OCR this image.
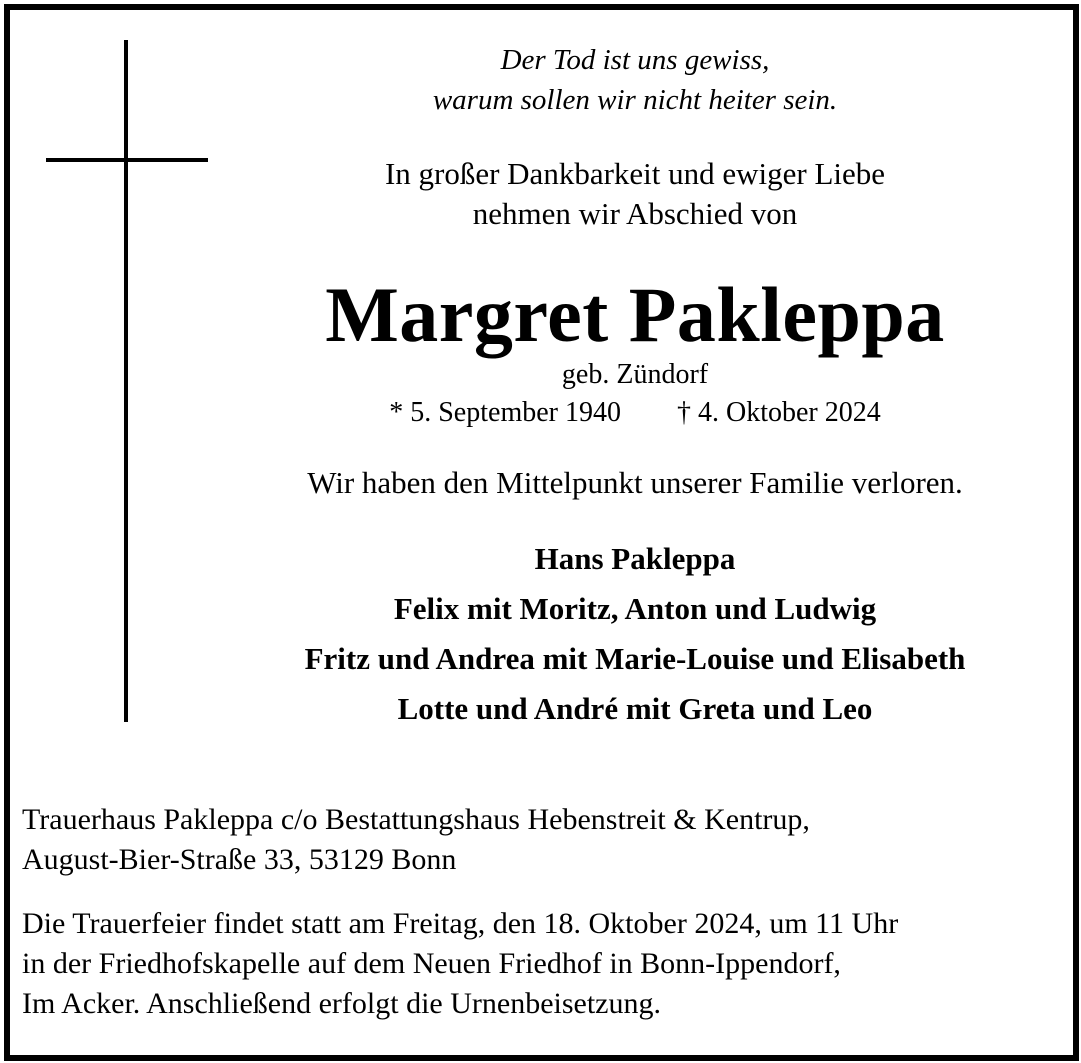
Der Tod ist uns gewiss,
warum sollen wir nicht heiter sein.
In großer Dankbarkeit und ewiger Liebe
nehmen wir Abschied von
Margret Pakleppa
geb. Zündorf
* 5. September 1940 † 4. Oktober 2024
Wir haben den Mittelpunkt unserer Familie verloren.
Hans Pakleppa
Felix mit Moritz, Anton und Ludwig
Fritz und Andrea mit Marie-Louise und Elisabeth
Lotte und André mit Greta und Leo
Trauerhaus Pakleppa c/o Bestattungshaus Hebenstreit & Kentrup,
August-Bier-Straße 33, 53129 Bonn
Die Trauerfeier findet statt am Freitag, den 18. Oktober 2024, um 11 Uhr
in der Friedhofskapelle auf dem Neuen Friedhof in Bonn-Ippendorf,
Im Acker. Anschließend erfolgt die Urnenbeisetzung.
